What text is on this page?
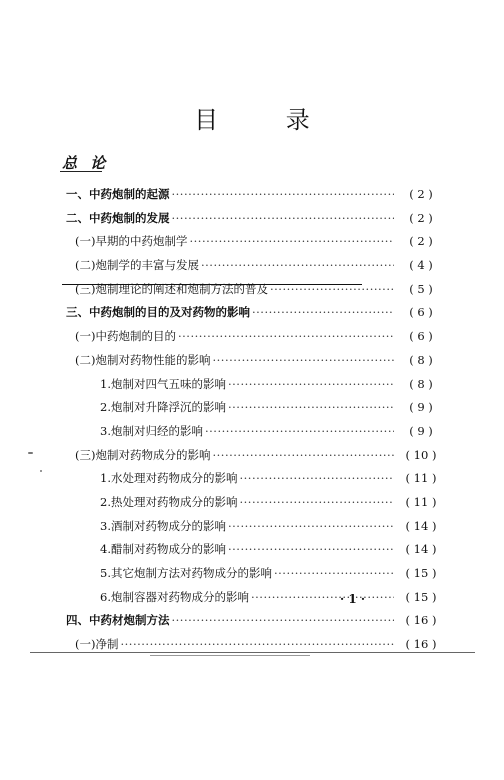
目 录
总 论
一、中药炮制的起源 ·····	( 2 )
二、中药炮制的发展 ·····	( 2 )
(一)早期的中药炮制学 ·····	( 2 )
(二)炮制学的丰富与发展 ·····	( 4 )
(三)炮制理论的阐述和炮制方法的普及 ·····	( 5 )
三、中药炮制的目的及对药物的影响 ·····	( 6 )
(一)中药炮制的目的 ·····	( 6 )
(二)炮制对药物性能的影响 ·····	( 8 )
1.炮制对四气五味的影响 ·····	( 8 )
2.炮制对升降浮沉的影响 ·····	( 9 )
3.炮制对归经的影响 ·····	( 9 )
(三)炮制对药物成分的影响 ·····	( 10 )
1.水处理对药物成分的影响 ·····	( 11 )
2.热处理对药物成分的影响 ·····	( 11 )
3.酒制对药物成分的影响 ·····	( 14 )
4.醋制对药物成分的影响 ·····	( 14 )
5.其它炮制方法对药物成分的影响 ·····	( 15 )
6.炮制容器对药物成分的影响 ·····	( 15 )
四、中药材炮制方法 ·····	( 16 )
(一)净制 ·····	( 16 )
· 1 ·
